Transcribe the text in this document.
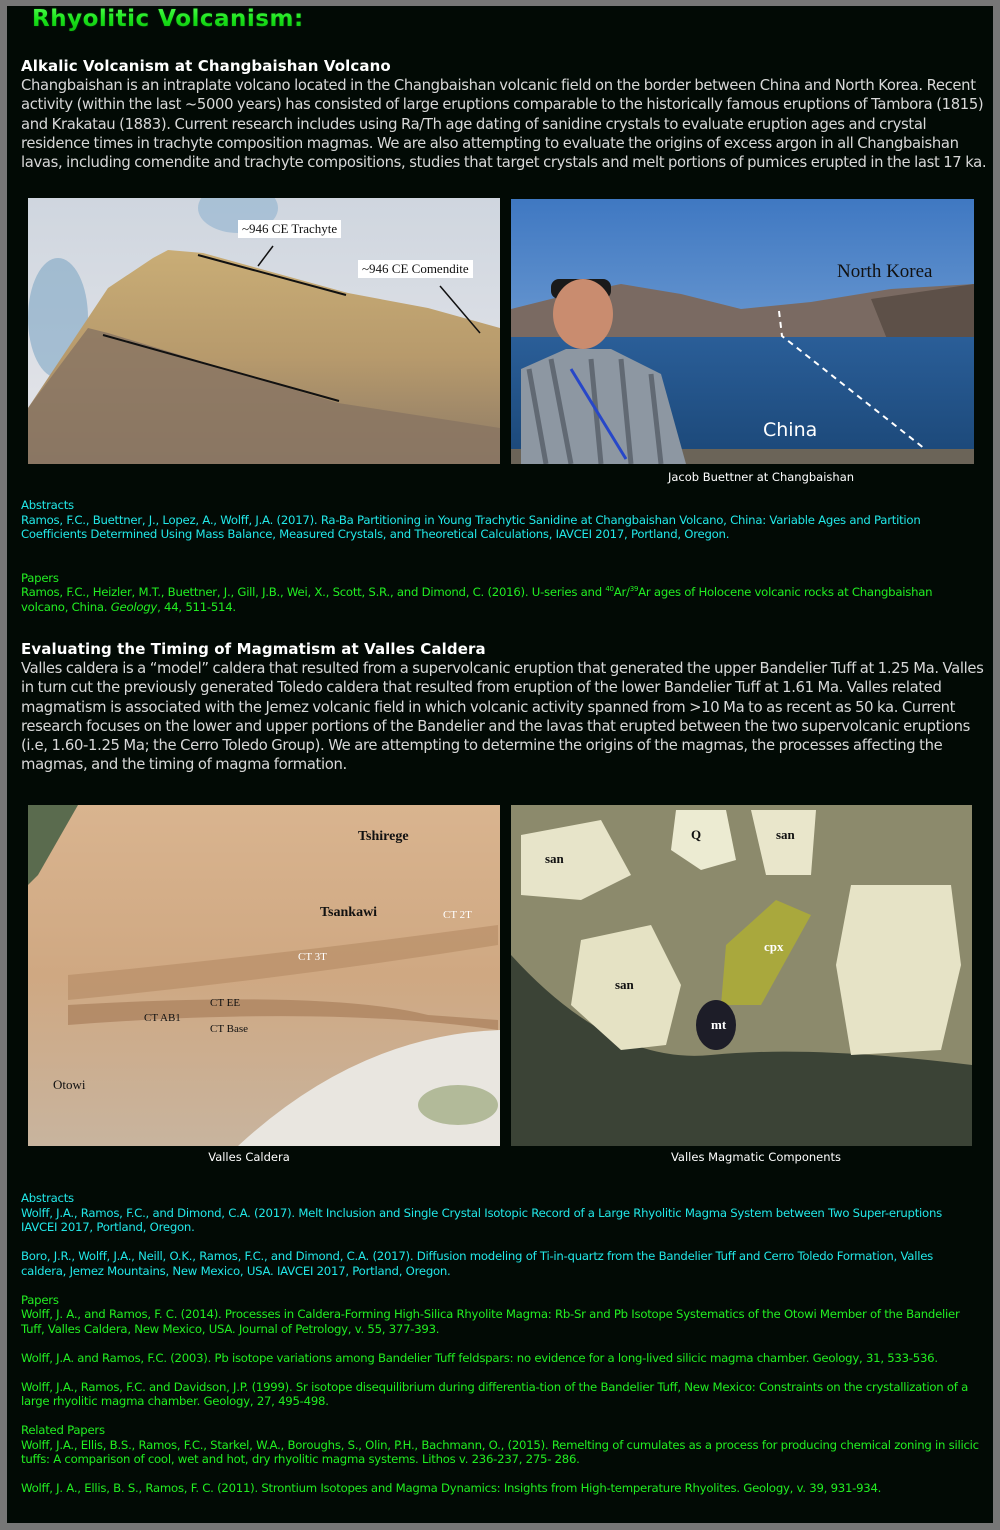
Rhyolitic Volcanism:
Alkalic Volcanism at Changbaishan Volcano
Changbaishan is an intraplate volcano located in the Changbaishan volcanic field on the border between China and North Korea. Recent activity (within the last ~5000 years) has consisted of large eruptions comparable to the historically famous eruptions of Tambora (1815) and Krakatau (1883). Current research includes using Ra/Th age dating of sanidine crystals to evaluate eruption ages and crystal residence times in trachyte composition magmas. We are also attempting to evaluate the origins of excess argon in all Changbaishan lavas, including comendite and trachyte compositions, studies that target crystals and melt portions of pumices erupted in the last 17 ka.
~946 CE Trachyte
~946 CE Comendite	North Korea
China
Jacob Buettner at Changbaishan

Abstracts

Ramos, F.C., Buettner, J., Lopez, A., Wolff, J.A. (2017). Ra-Ba Partitioning in Young Trachytic Sanidine at Changbaishan Volcano, China: Variable Ages and Partition Coefficients Determined Using Mass Balance, Measured Crystals, and Theoretical Calculations, IAVCEI 2017, Portland, Oregon.

Papers

Ramos, F.C., Heizler, M.T., Buettner, J., Gill, J.B., Wei, X., Scott, S.R., and Dimond, C. (2016). U-series and $^{40}$Ar/$^{39}$Ar ages of Holocene volcanic rocks at Changbaishan volcano, China. Geology, 44, 511-514.

Evaluating the Timing of Magmatism at Valles Caldera
Valles caldera is a “model” caldera that resulted from a supervolcanic eruption that generated the upper Bandelier Tuff at 1.25 Ma. Valles in turn cut the previously generated Toledo caldera that resulted from eruption of the lower Bandelier Tuff at 1.61 Ma. Valles related magmatism is associated with the Jemez volcanic field in which volcanic activity spanned from >10 Ma to as recent as 50 ka. Current research focuses on the lower and upper portions of the Bandelier and the lavas that erupted between the two supervolcanic eruptions (i.e, 1.60-1.25 Ma; the Cerro Toledo Group). We are attempting to determine the origins of the magmas, the processes affecting the magmas, and the timing of magma formation.
Tshirege
Tsankawi	CT 2T
CT 3T
CT EE
CT AB1
CT Base
Otowi
Valles Caldera
Q	san
san
cpx
san
mt
Valles Magmatic Components

Abstracts

Wolff, J.A., Ramos, F.C., and Dimond, C.A. (2017). Melt Inclusion and Single Crystal Isotopic Record of a Large Rhyolitic Magma System between Two Super-eruptions IAVCEI 2017, Portland, Oregon.

Boro, J.R., Wolff, J.A., Neill, O.K., Ramos, F.C., and Dimond, C.A. (2017). Diffusion modeling of Ti-in-quartz from the Bandelier Tuff and Cerro Toledo Formation, Valles caldera, Jemez Mountains, New Mexico, USA. IAVCEI 2017, Portland, Oregon.

Papers

Wolff, J. A., and Ramos, F. C. (2014). Processes in Caldera-Forming High-Silica Rhyolite Magma: Rb-Sr and Pb Isotope Systematics of the Otowi Member of the Bandelier Tuff, Valles Caldera, New Mexico, USA. Journal of Petrology, v. 55, 377-393.

Wolff, J.A. and Ramos, F.C. (2003). Pb isotope variations among Bandelier Tuff feldspars: no evidence for a long-lived silicic magma chamber. Geology, 31, 533-536.

Wolff, J.A., Ramos, F.C. and Davidson, J.P. (1999). Sr isotope disequilibrium during differentia-tion of the Bandelier Tuff, New Mexico: Constraints on the crystallization of a large rhyolitic magma chamber. Geology, 27, 495-498.

Related Papers

Wolff, J.A., Ellis, B.S., Ramos, F.C., Starkel, W.A., Boroughs, S., Olin, P.H., Bachmann, O., (2015). Remelting of cumulates as a process for producing chemical zoning in silicic tuffs: A comparison of cool, wet and hot, dry rhyolitic magma systems. Lithos v. 236-237, 275- 286.

Wolff, J. A., Ellis, B. S., Ramos, F. C. (2011). Strontium Isotopes and Magma Dynamics: Insights from High-temperature Rhyolites. Geology, v. 39, 931-934.
